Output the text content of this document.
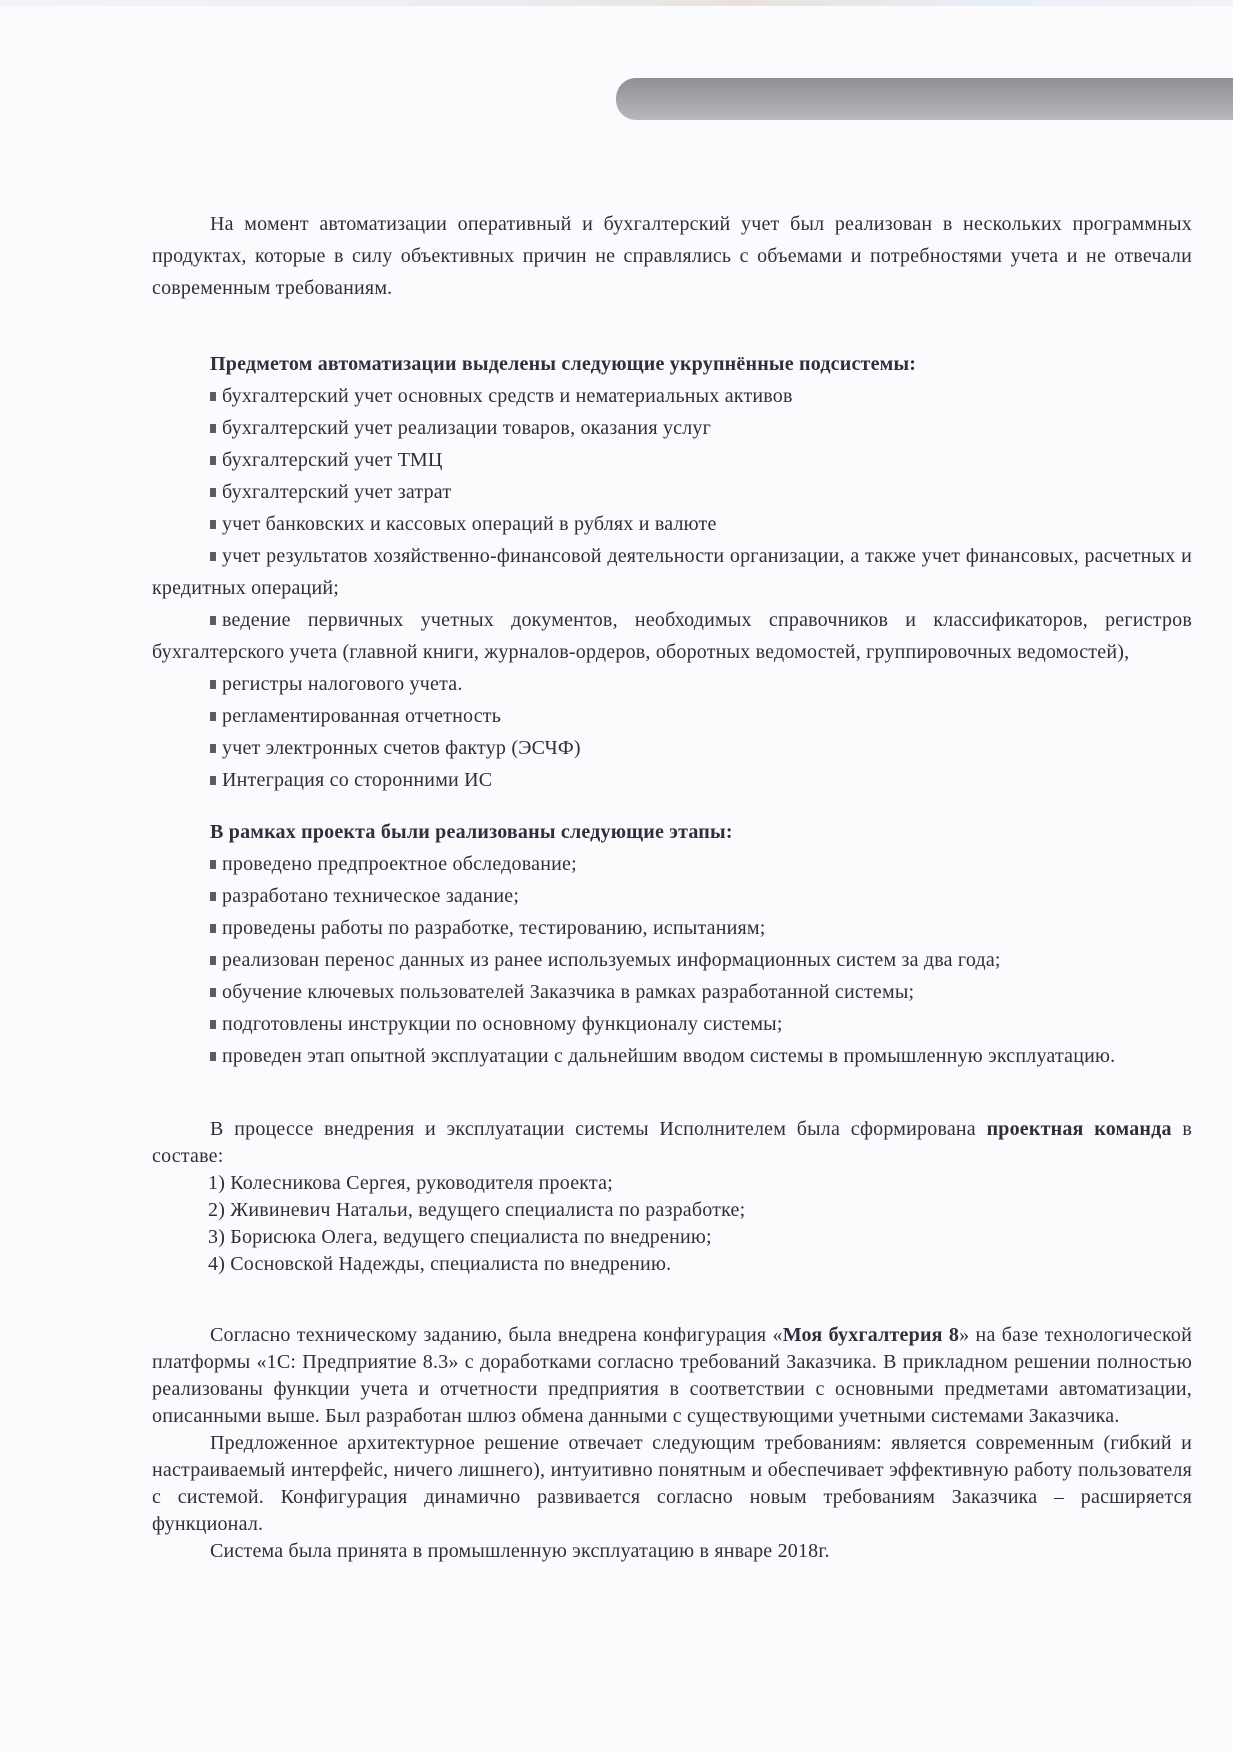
На момент автоматизации оперативный и бухгалтерский учет был реализован в нескольких программных продуктах, которые в силу объективных причин не справлялись с объемами и потребностями учета и не отвечали современным требованиям.

Предметом автоматизации выделены следующие укрупнённые подсистемы:

бухгалтерский учет основных средств и нематериальных активов

бухгалтерский учет реализации товаров, оказания услуг

бухгалтерский учет ТМЦ

бухгалтерский учет затрат

учет банковских и кассовых операций в рублях и валюте

учет результатов хозяйственно-финансовой деятельности организации, а также учет финансовых, расчетных и кредитных операций;

ведение первичных учетных документов, необходимых справочников и классификаторов, регистров бухгалтерского учета (главной книги, журналов-ордеров, оборотных ведомостей, группировочных ведомостей),

регистры налогового учета.

регламентированная отчетность

учет электронных счетов фактур (ЭСЧФ)

Интеграция со сторонними ИС

В рамках проекта были реализованы следующие этапы:

проведено предпроектное обследование;

разработано техническое задание;

проведены работы по разработке, тестированию, испытаниям;

реализован перенос данных из ранее используемых информационных систем за два года;

обучение ключевых пользователей Заказчика в рамках разработанной системы;

подготовлены инструкции по основному функционалу системы;

проведен этап опытной эксплуатации с дальнейшим вводом системы в промышленную эксплуатацию.

В процессе внедрения и эксплуатации системы Исполнителем была сформирована проектная команда в составе:

1) Колесникова Сергея, руководителя проекта;

2) Живиневич Натальи, ведущего специалиста по разработке;

3) Борисюка Олега, ведущего специалиста по внедрению;

4) Сосновской Надежды, специалиста по внедрению.

Согласно техническому заданию, была внедрена конфигурация «Моя бухгалтерия 8» на базе технологической платформы «1С: Предприятие 8.3» с доработками согласно требований Заказчика. В прикладном решении полностью реализованы функции учета и отчетности предприятия в соответствии с основными предметами автоматизации, описанными выше. Был разработан шлюз обмена данными с существующими учетными системами Заказчика.

Предложенное архитектурное решение отвечает следующим требованиям: является современным (гибкий и настраиваемый интерфейс, ничего лишнего), интуитивно понятным и обеспечивает эффективную работу пользователя с системой. Конфигурация динамично развивается согласно новым требованиям Заказчика – расширяется функционал.

Система была принята в промышленную эксплуатацию в январе 2018г.
